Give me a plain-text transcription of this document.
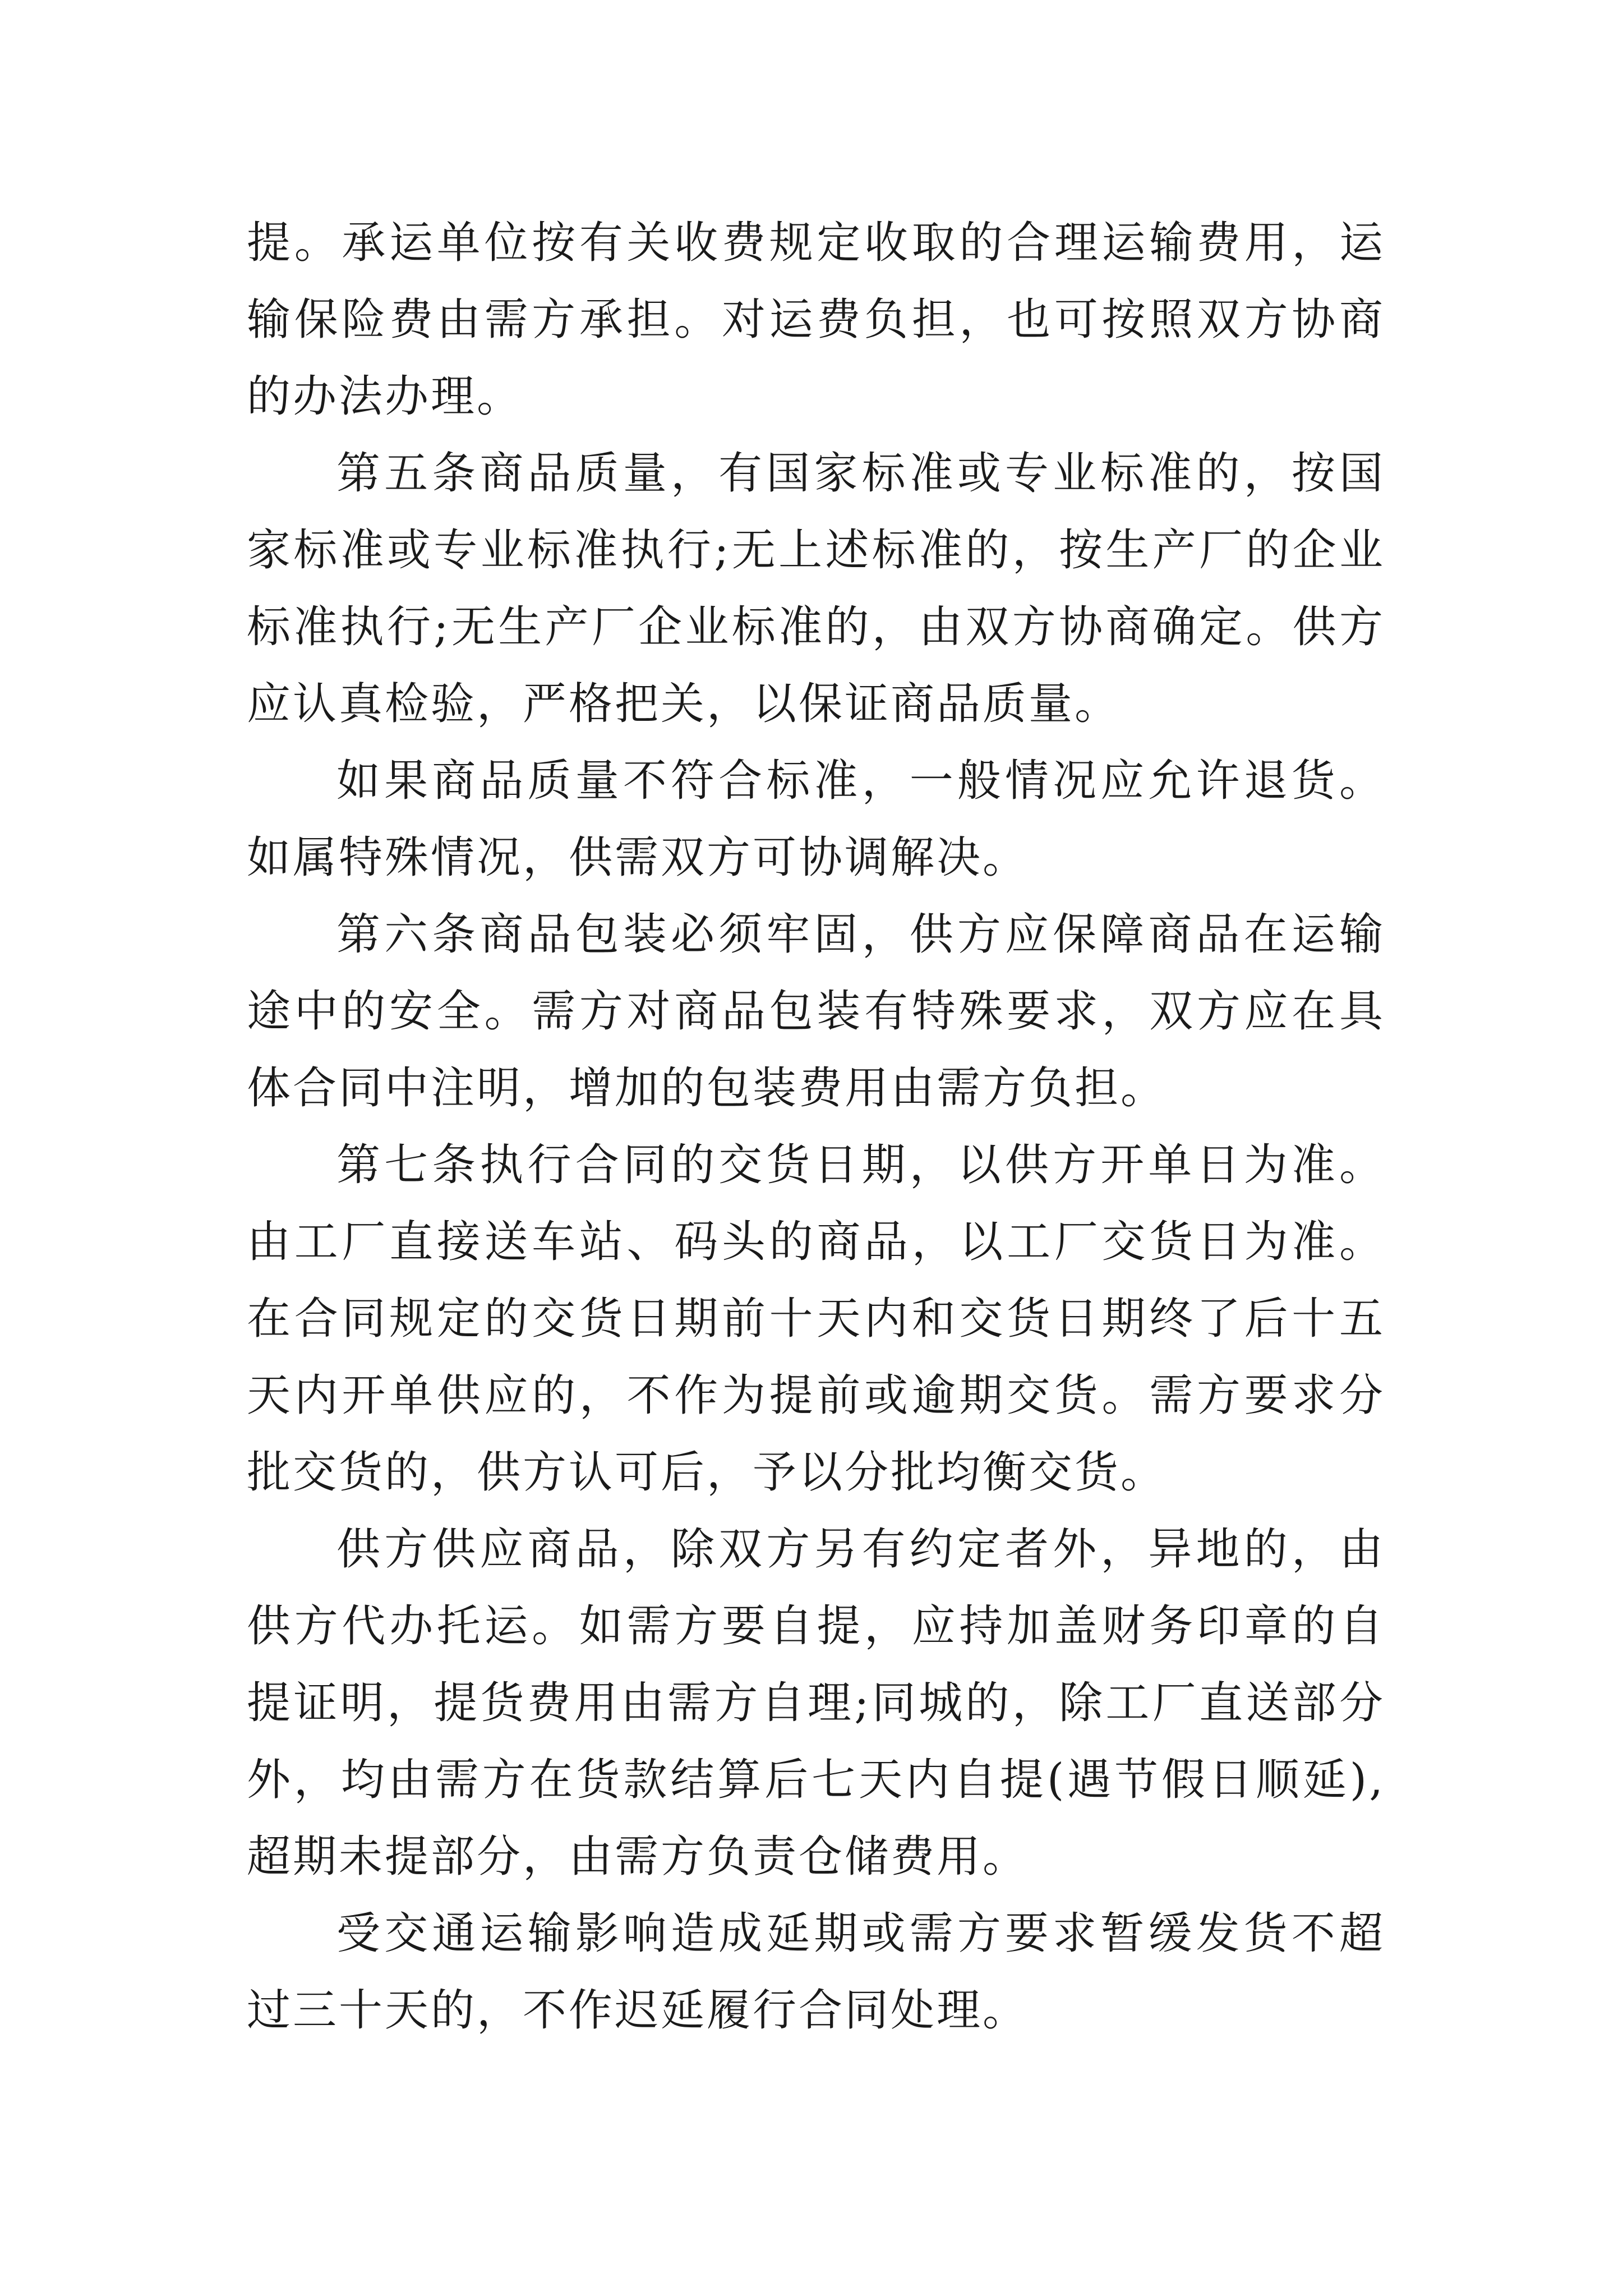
提。承运单位按有关收费规定收取的合理运输费用，运输保险费由需方承担。对运费负担，也可按照双方协商的办法办理。

第五条商品质量，有国家标准或专业标准的，按国家标准或专业标准执行;无上述标准的，按生产厂的企业标准执行;无生产厂企业标准的，由双方协商确定。供方应认真检验，严格把关，以保证商品质量。

如果商品质量不符合标准，一般情况应允许退货。如属特殊情况，供需双方可协调解决。

第六条商品包装必须牢固，供方应保障商品在运输途中的安全。需方对商品包装有特殊要求，双方应在具体合同中注明，增加的包装费用由需方负担。

第七条执行合同的交货日期，以供方开单日为准。由工厂直接送车站、码头的商品，以工厂交货日为准。在合同规定的交货日期前十天内和交货日期终了后十五天内开单供应的，不作为提前或逾期交货。需方要求分批交货的，供方认可后，予以分批均衡交货。

供方供应商品，除双方另有约定者外，异地的，由供方代办托运。如需方要自提，应持加盖财务印章的自提证明，提货费用由需方自理;同城的，除工厂直送部分外，均由需方在货款结算后七天内自提(遇节假日顺延),超期未提部分，由需方负责仓储费用。

受交通运输影响造成延期或需方要求暂缓发货不超过三十天的，不作迟延履行合同处理。
